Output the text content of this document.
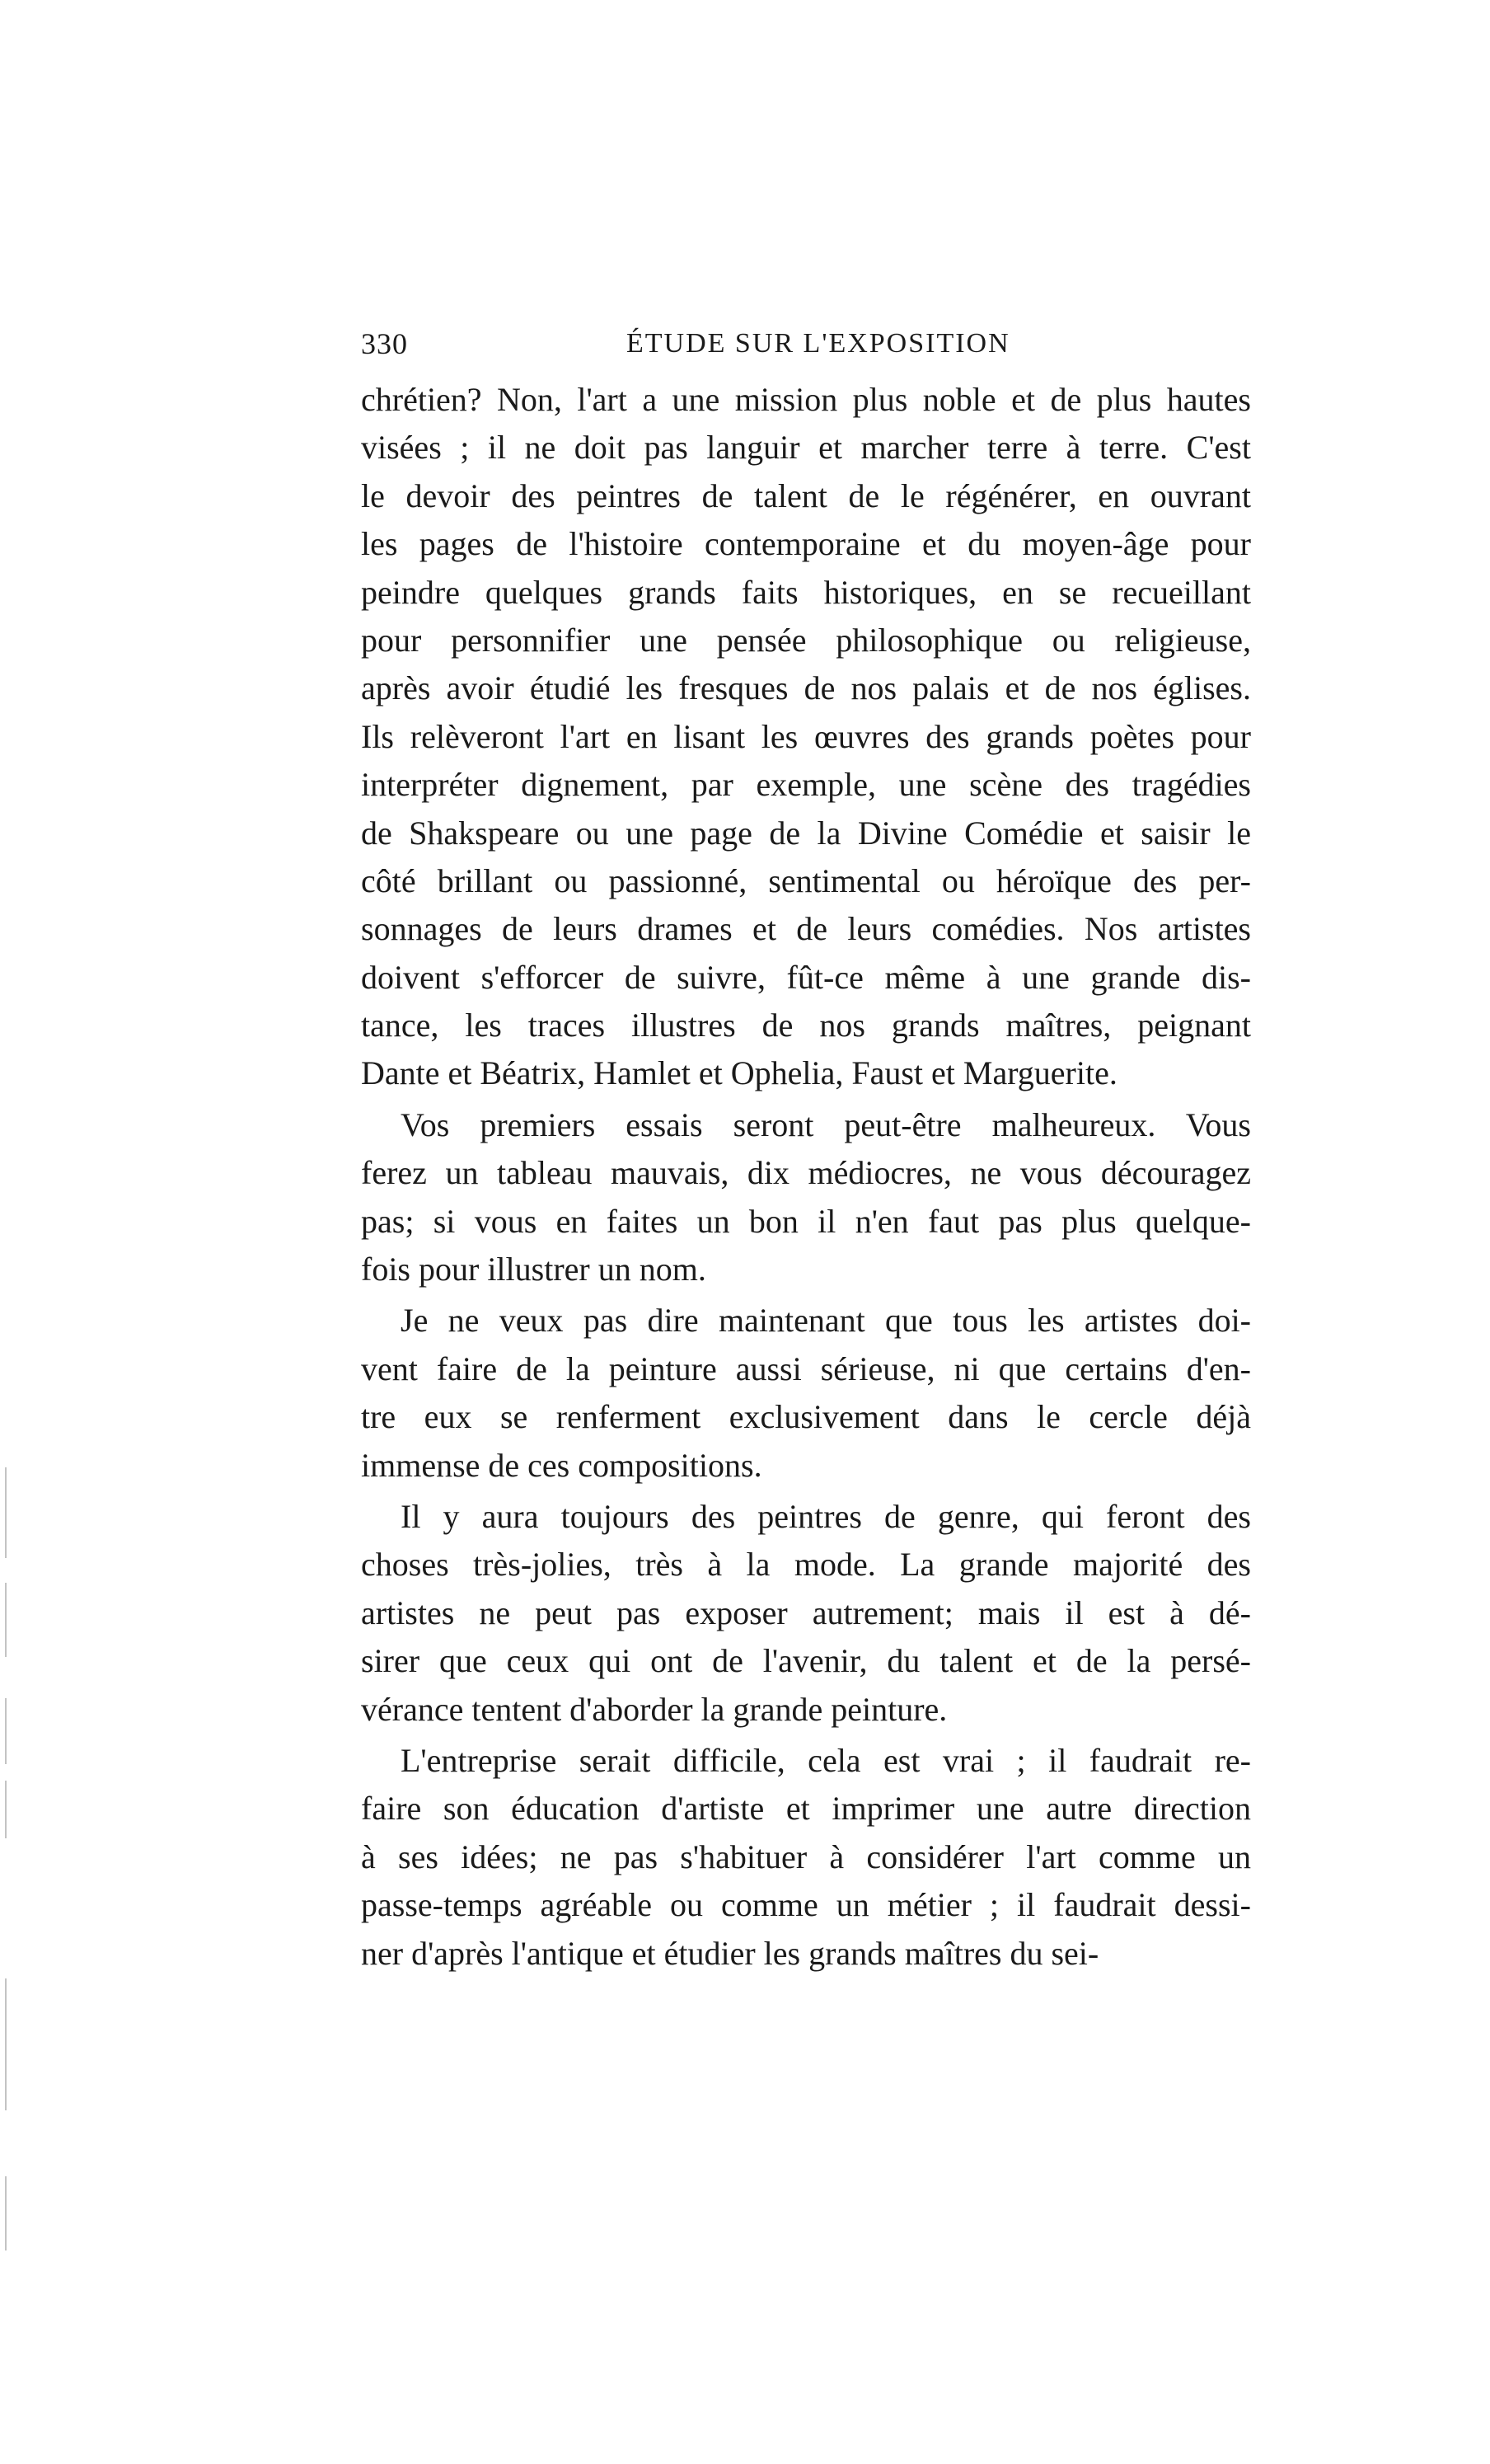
330	ÉTUDE SUR L'EXPOSITION
chrétien? Non, l'art a une mission plus noble et de plus hautes
visées ; il ne doit pas languir et marcher terre à terre. C'est
le devoir des peintres de talent de le régénérer, en ouvrant
les pages de l'histoire contemporaine et du moyen-âge pour
peindre quelques grands faits historiques, en se recueillant
pour personnifier une pensée philosophique ou religieuse,
après avoir étudié les fresques de nos palais et de nos églises.
Ils relèveront l'art en lisant les œuvres des grands poètes pour
interpréter dignement, par exemple, une scène des tragédies
de Shakspeare ou une page de la Divine Comédie et saisir le
côté brillant ou passionné, sentimental ou héroïque des per-
sonnages de leurs drames et de leurs comédies. Nos artistes
doivent s'efforcer de suivre, fût-ce même à une grande dis-
tance, les traces illustres de nos grands maîtres, peignant
Dante et Béatrix, Hamlet et Ophelia, Faust et Marguerite.
Vos premiers essais seront peut-être malheureux. Vous
ferez un tableau mauvais, dix médiocres, ne vous découragez
pas; si vous en faites un bon il n'en faut pas plus quelque-
fois pour illustrer un nom.
Je ne veux pas dire maintenant que tous les artistes doi-
vent faire de la peinture aussi sérieuse, ni que certains d'en-
tre eux se renferment exclusivement dans le cercle déjà
immense de ces compositions.
Il y aura toujours des peintres de genre, qui feront des
choses très-jolies, très à la mode. La grande majorité des
artistes ne peut pas exposer autrement; mais il est à dé-
sirer que ceux qui ont de l'avenir, du talent et de la persé-
vérance tentent d'aborder la grande peinture.
L'entreprise serait difficile, cela est vrai ; il faudrait re-
faire son éducation d'artiste et imprimer une autre direction
à ses idées; ne pas s'habituer à considérer l'art comme un
passe-temps agréable ou comme un métier ; il faudrait dessi-
ner d'après l'antique et étudier les grands maîtres du sei-
